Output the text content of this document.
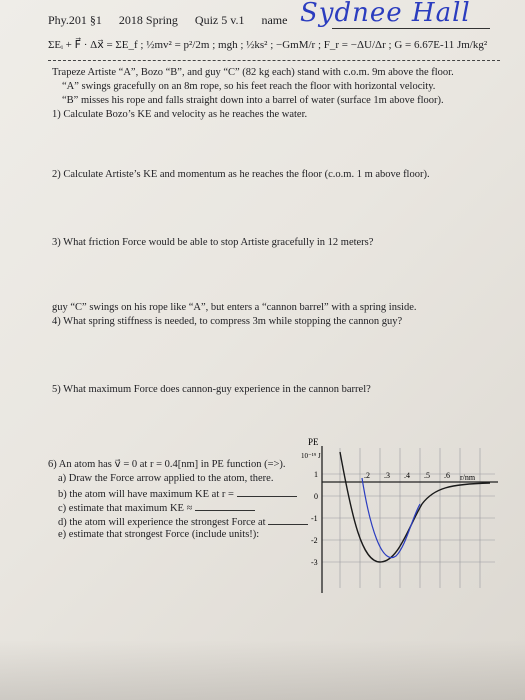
Phy.201 §1 2018 Spring Quiz 5 v.1 name Sydnee Hall
ΣEᵢ + F⃗ · Δx⃗ = ΣE_f ; ½mv² = p²/2m ; mgh ; ½ks² ; −GmM/r ; F_r = −ΔU/Δr ; G = 6.67E-11 Jm/kg²
Trapeze Artiste “A”, Bozo “B”, and guy “C” (82 kg each) stand with c.o.m. 9m above the floor.
“A” swings gracefully on an 8m rope, so his feet reach the floor with horizontal velocity.
“B” misses his rope and falls straight down into a barrel of water (surface 1m above floor).
1) Calculate Bozo’s KE and velocity as he reaches the water.
2) Calculate Artiste’s KE and momentum as he reaches the floor (c.o.m. 1 m above floor).
3) What friction Force would be able to stop Artiste gracefully in 12 meters?
guy “C” swings on his rope like “A”, but enters a “cannon barrel” with a spring inside.
4) What spring stiffness is needed, to compress 3m while stopping the cannon guy?
5) What maximum Force does cannon-guy experience in the cannon barrel?
6) An atom has v⃗ = 0 at r = 0.4[nm] in PE function (=>).
a) Draw the Force arrow applied to the atom, there.
b) the atom will have maximum KE at r =
c) estimate that maximum KE ≈
d) the atom will experience the strongest Force at
e) estimate that strongest Force (include units!):
PE
10⁻¹⁹ J
r/nm
1
0
-1
-2
-3
.2 .3 .4 .5 .6
